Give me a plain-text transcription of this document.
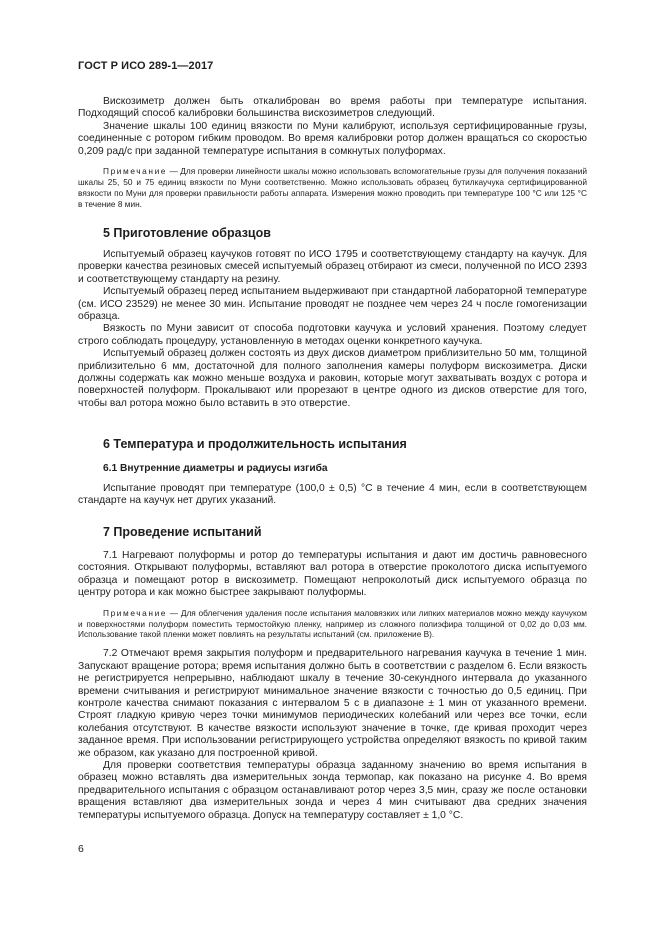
ГОСТ Р ИСО 289-1—2017

Вискозиметр должен быть откалиброван во время работы при температуре испытания. Подходящий способ калибровки большинства вискозиметров следующий.

Значение шкалы 100 единиц вязкости по Муни калибруют, используя сертифицированные грузы, соединенные с ротором гибким проводом. Во время калибровки ротор должен вращаться со скоростью 0,209 рад/с при заданной температуре испытания в сомкнутых полуформах.

Примечание — Для проверки линейности шкалы можно использовать вспомогательные грузы для получения показаний шкалы 25, 50 и 75 единиц вязкости по Муни соответственно. Можно использовать образец бутилкаучука сертифицированной вязкости по Муни для проверки правильности работы аппарата. Измерения можно проводить при температуре 100 °C или 125 °C в течение 8 мин.

5 Приготовление образцов

Испытуемый образец каучуков готовят по ИСО 1795 и соответствующему стандарту на каучук. Для проверки качества резиновых смесей испытуемый образец отбирают из смеси, полученной по ИСО 2393 и соответствующему стандарту на резину.

Испытуемый образец перед испытанием выдерживают при стандартной лабораторной температуре (см. ИСО 23529) не менее 30 мин. Испытание проводят не позднее чем через 24 ч после гомогенизации образца.

Вязкость по Муни зависит от способа подготовки каучука и условий хранения. Поэтому следует строго соблюдать процедуру, установленную в методах оценки конкретного каучука.

Испытуемый образец должен состоять из двух дисков диаметром приблизительно 50 мм, толщиной приблизительно 6 мм, достаточной для полного заполнения камеры полуформ вискозиметра. Диски должны содержать как можно меньше воздуха и раковин, которые могут захватывать воздух с ротора и поверхностей полуформ. Прокалывают или прорезают в центре одного из дисков отверстие для того, чтобы вал ротора можно было вставить в это отверстие.

6 Температура и продолжительность испытания
6.1 Внутренние диаметры и радиусы изгиба

Испытание проводят при температуре (100,0 ± 0,5) °C в течение 4 мин, если в соответствующем стандарте на каучук нет других указаний.

7 Проведение испытаний

7.1 Нагревают полуформы и ротор до температуры испытания и дают им достичь равновесного состояния. Открывают полуформы, вставляют вал ротора в отверстие проколотого диска испытуемого образца и помещают ротор в вискозиметр. Помещают непроколотый диск испытуемого образца по центру ротора и как можно быстрее закрывают полуформы.

Примечание — Для облегчения удаления после испытания маловязких или липких материалов можно между каучуком и поверхностями полуформ поместить термостойкую пленку, например из сложного полиэфира толщиной от 0,02 до 0,03 мм. Использование такой пленки может повлиять на результаты испытаний (см. приложение В).

7.2 Отмечают время закрытия полуформ и предварительного нагревания каучука в течение 1 мин. Запускают вращение ротора; время испытания должно быть в соответствии с разделом 6. Если вязкость не регистрируется непрерывно, наблюдают шкалу в течение 30-секундного интервала до указанного времени считывания и регистрируют минимальное значение вязкости с точностью до 0,5 единиц. При контроле качества снимают показания с интервалом 5 с в диапазоне ± 1 мин от указанного времени. Строят гладкую кривую через точки минимумов периодических колебаний или через все точки, если колебания отсутствуют. В качестве вязкости используют значение в точке, где кривая проходит через заданное время. При использовании регистрирующего устройства определяют вязкость по кривой таким же образом, как указано для построенной кривой.

Для проверки соответствия температуры образца заданному значению во время испытания в образец можно вставлять два измерительных зонда термопар, как показано на рисунке 4. Во время предварительного испытания с образцом останавливают ротор через 3,5 мин, сразу же после остановки вращения вставляют два измерительных зонда и через 4 мин считывают два средних значения температуры испытуемого образца. Допуск на температуру составляет ± 1,0 °C.

6
